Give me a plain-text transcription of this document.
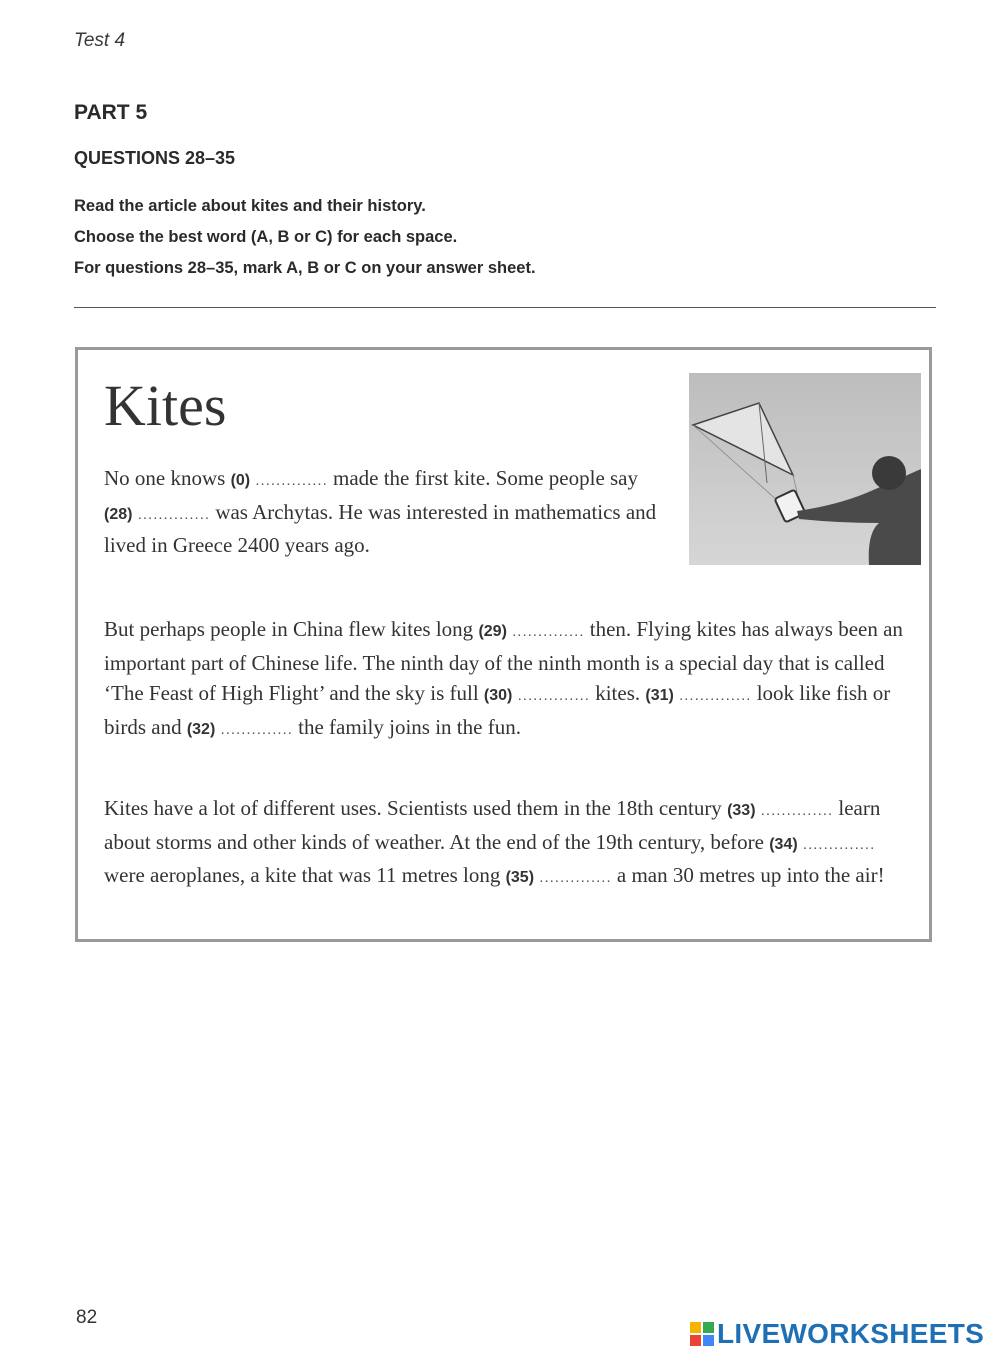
Test 4
PART 5
QUESTIONS 28–35
Read the article about kites and their history.
Choose the best word (A, B or C) for each space.
For questions 28–35, mark A, B or C on your answer sheet.
Kites
No one knows (0) .............. made the first kite. Some people say (28) .............. was Archytas. He was interested in mathematics and lived in Greece 2400 years ago.
But perhaps people in China flew kites long (29) .............. then. Flying kites has always been an important part of Chinese life. The ninth day of the ninth month is a special day that is called ‘The Feast of High Flight’ and the sky is full (30) .............. kites. (31) .............. look like fish or birds and (32) .............. the family joins in the fun.
Kites have a lot of different uses. Scientists used them in the 18th century (33) .............. learn about storms and other kinds of weather. At the end of the 19th century, before (34) .............. were aeroplanes, a kite that was 11 metres long (35) .............. a man 30 metres up into the air!
82
LIVEWORKSHEETS
